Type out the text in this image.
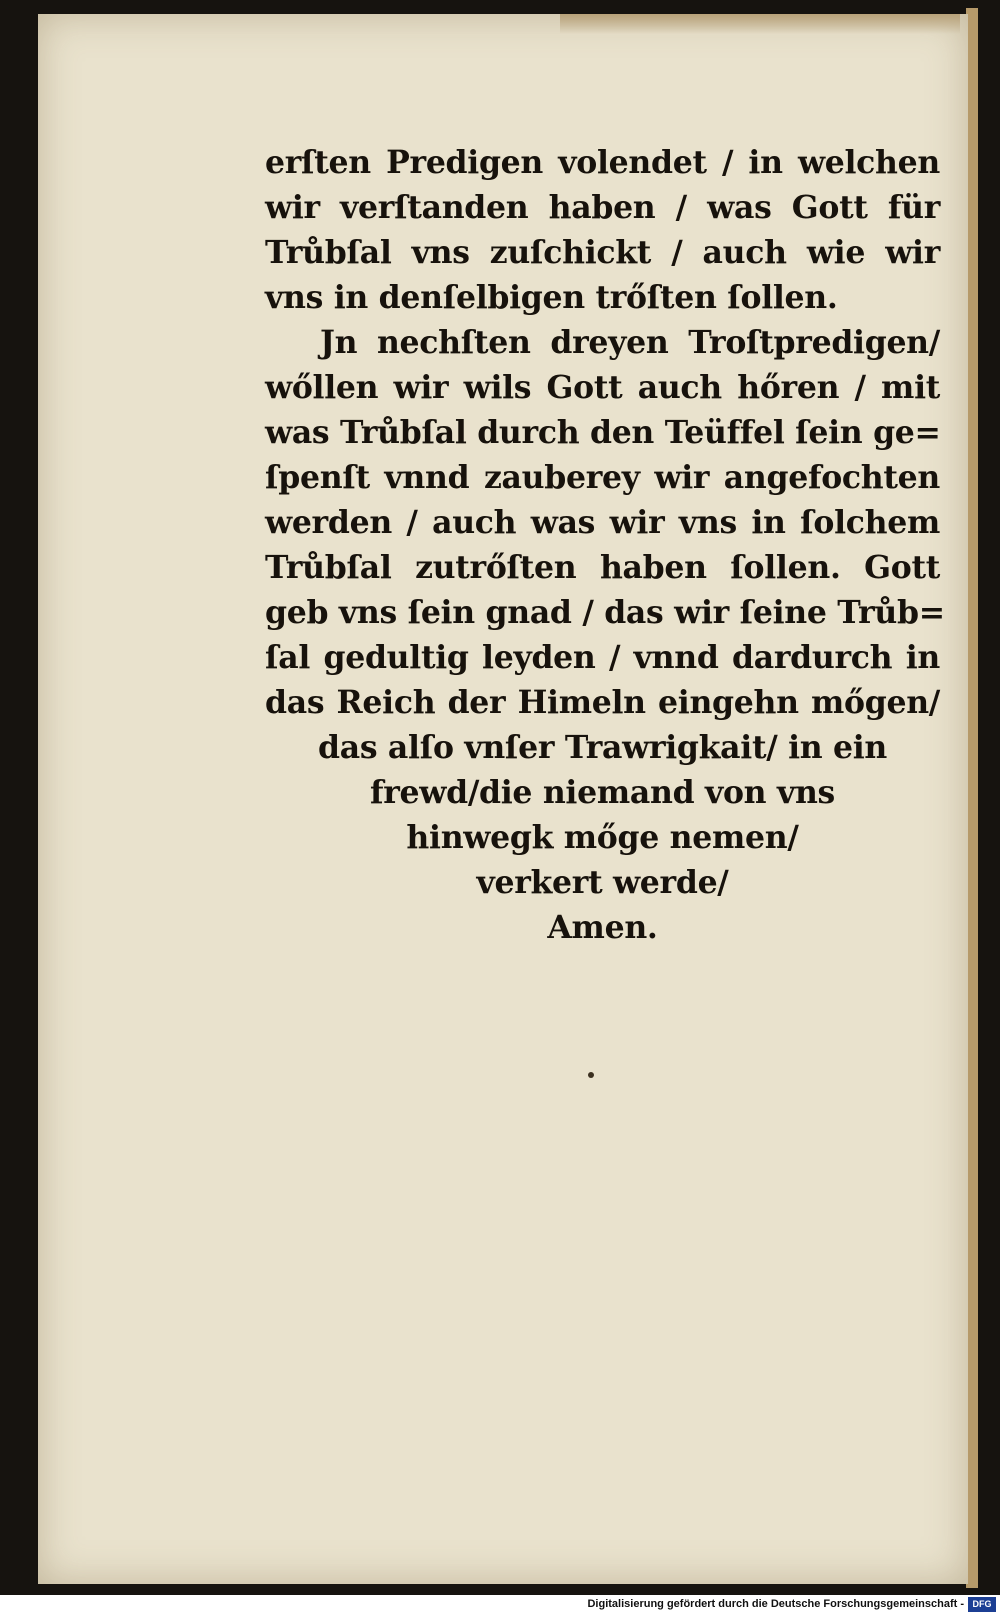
erſten Predigen volendet / in welchen
wir verſtanden haben / was Gott für
Trůbſal vns zuſchickt / auch wie wir
vns in denſelbigen trőſten ſollen.
Jn nechſten dreyen Troſtpredigen/
wőllen wir wils Gott auch hőren / mit
was Trůbſal durch den Teüffel ſein ge=
ſpenſt vnnd zauberey wir angefochten
werden / auch was wir vns in ſolchem
Trůbſal zutrőſten haben ſollen. Gott
geb vns ſein gnad / das wir ſeine Trůb=
ſal gedultig leyden / vnnd dardurch in
das Reich der Himeln eingehn mőgen/
das alſo vnſer Trawrigkait/ in ein
frewd/die niemand von vns
hinwegk mőge nemen/
verkert werde/
Amen.
Digitalisierung gefördert durch die Deutsche Forschungsgemeinschaft - DFG
